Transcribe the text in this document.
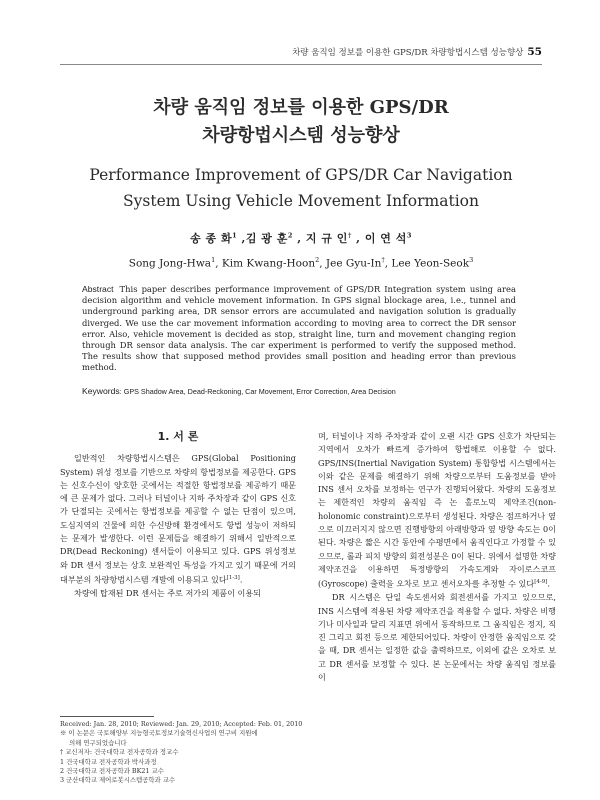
차량 움직임 정보를 이용한 GPS/DR 차량항법시스템 성능향상 55
차량 움직임 정보를 이용한 GPS/DR
차량항법시스템 성능향상
Performance Improvement of GPS/DR Car Navigation
System Using Vehicle Movement Information
송 종 화$^1$ ,김 광 훈$^2$ , 지 규 인† , 이 연 석$^3$
Song Jong-Hwa$^1$, Kim Kwang-Hoon$^2$, Jee Gyu-In†, Lee Yeon-Seok$^3$
Abstract This paper describes performance improvement of GPS/DR Integration system using area decision algorithm and vehicle movement information. In GPS signal blockage area, i.e., tunnel and underground parking area, DR sensor errors are accumulated and navigation solution is gradually diverged. We use the car movement information according to moving area to correct the DR sensor error. Also, vehicle movement is decided as stop, straight line, turn and movement changing region through DR sensor data analysis. The car experiment is performed to verify the supposed method. The results show that supposed method provides small position and heading error than previous method.
Keywords: GPS Shadow Area, Dead-Reckoning, Car Movement, Error Correction, Area Decision
1. 서 론

일반적인 차량항법시스템은 GPS(Global Positioning System) 위성 정보를 기반으로 차량의 항법정보를 제공한다. GPS는 신호수신이 양호한 곳에서는 적절한 항법정보를 제공하기 때문에 큰 문제가 없다. 그러나 터널이나 지하 주차장과 같이 GPS 신호가 단절되는 곳에서는 항법정보를 제공할 수 없는 단점이 있으며, 도심지역의 건물에 의한 수신방해 환경에서도 항법 성능이 저하되는 문제가 발생한다. 이런 문제들을 해결하기 위해서 일반적으로 DR(Dead Reckoning) 센서들이 이용되고 있다. GPS 위성정보와 DR 센서 정보는 상호 보완적인 특성을 가지고 있기 때문에 거의 대부분의 차량항법시스템 개발에 이용되고 있다[1-3].

차량에 탑재된 DR 센서는 주로 저가의 제품이 이용되

며, 터널이나 지하 주차장과 같이 오랜 시간 GPS 신호가 차단되는 지역에서 오차가 빠르게 증가하여 항법해로 이용할 수 없다. GPS/INS(Inertial Navigation System) 통합항법 시스템에서는 이와 같은 문제를 해결하기 위해 차량으로부터 도움정보를 받아 INS 센서 오차를 보정하는 연구가 진행되어왔다. 차량의 도움정보는 제한적인 차량의 움직임 즉 논 홀로노믹 제약조건(non-holonomic constraint)으로부터 생성된다. 차량은 점프하거나 옆으로 미끄러지지 않으면 진행방향의 아래방향과 옆 방향 속도는 0이 된다. 차량은 짧은 시간 동안에 수평면에서 움직인다고 가정할 수 있으므로, 롤과 피치 방향의 회전성분은 0이 된다. 위에서 설명한 차량 제약조건을 이용하면 특정방향의 가속도계와 자이로스코프(Gyroscope) 출력을 오차로 보고 센서오차를 추정할 수 있다[4-9].

DR 시스템은 단일 속도센서와 회전센서를 가지고 있으므로, INS 시스템에 적용된 차량 제약조건을 적용할 수 없다. 차량은 비행기나 미사일과 달리 지표면 위에서 동작하므로 그 움직임은 정지, 직진 그리고 회전 등으로 제한되어있다. 차량이 안정한 움직임으로 갖을 때, DR 센서는 일정한 값을 출력하므로, 이외에 값은 오차로 보고 DR 센서를 보정할 수 있다. 본 논문에서는 차량 움직임 정보를 이

Received: Jan. 28, 2010; Reviewed: Jan. 29, 2010; Accepted: Feb. 01, 2010
※ 이 논문은 국토해양부 지능형국토정보기술혁신사업의 연구비 지원에
의해 연구되었습니다
† 교신저자: 건국대학교 전자공학과 정교수
1 건국대학교 전자공학과 박사과정
2 건국대학교 전자공학과 BK21 교수
3 군산대학교 제어로봇시스템공학과 교수
